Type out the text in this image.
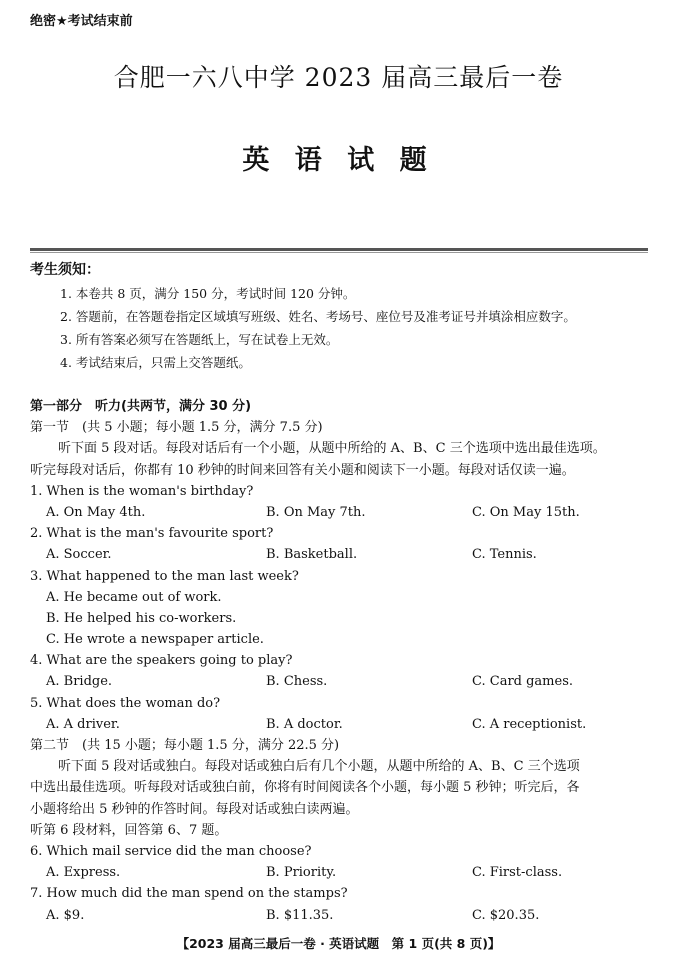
绝密★考试结束前
合肥一六八中学 2023 届高三最后一卷
英 语 试 题
考生须知：
1. 本卷共 8 页，满分 150 分，考试时间 120 分钟。
2. 答题前，在答题卷指定区域填写班级、姓名、考场号、座位号及准考证号并填涂相应数字。
3. 所有答案必须写在答题纸上，写在试卷上无效。
4. 考试结束后，只需上交答题纸。
第一部分　听力(共两节，满分 30 分)
第一节　(共 5 小题；每小题 1.5 分，满分 7.5 分)
听下面 5 段对话。每段对话后有一个小题，从题中所给的 A、B、C 三个选项中选出最佳选项。
听完每段对话后，你都有 10 秒钟的时间来回答有关小题和阅读下一小题。每段对话仅读一遍。
1. When is the woman's birthday?
A. On May 4th.	B. On May 7th.	C. On May 15th.
2. What is the man's favourite sport?
A. Soccer.	B. Basketball.	C. Tennis.
3. What happened to the man last week?
A. He became out of work.
B. He helped his co-workers.
C. He wrote a newspaper article.
4. What are the speakers going to play?
A. Bridge.	B. Chess.	C. Card games.
5. What does the woman do?
A. A driver.	B. A doctor.	C. A receptionist.
第二节　(共 15 小题；每小题 1.5 分，满分 22.5 分)
听下面 5 段对话或独白。每段对话或独白后有几个小题，从题中所给的 A、B、C 三个选项
中选出最佳选项。听每段对话或独白前，你将有时间阅读各个小题，每小题 5 秒钟；听完后，各
小题将给出 5 秒钟的作答时间。每段对话或独白读两遍。
听第 6 段材料，回答第 6、7 题。
6. Which mail service did the man choose?
A. Express.	B. Priority.	C. First-class.
7. How much did the man spend on the stamps?
A. $9.	B. $11.35.	C. $20.35.
【2023 届高三最后一卷 · 英语试题　第 1 页(共 8 页)】
